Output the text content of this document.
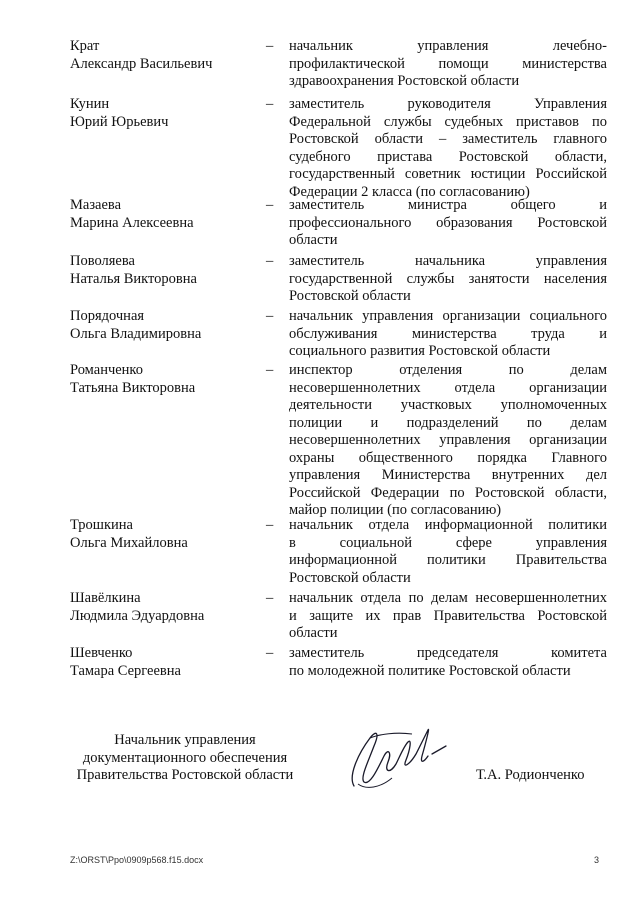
Крат
Александр Васильевич
– начальник управления лечебно-
профилактической помощи министерства
здравоохранения Ростовской области
Кунин
Юрий Юрьевич
– заместитель руководителя Управления
Федеральной службы судебных приставов по
Ростовской области – заместитель главного
судебного пристава Ростовской области,
государственный советник юстиции Российской
Федерации 2 класса (по согласованию)
Мазаева
Марина Алексеевна
– заместитель министра общего и
профессионального образования Ростовской
области
Поволяева
Наталья Викторовна
– заместитель начальника управления
государственной службы занятости населения
Ростовской области
Порядочная
Ольга Владимировна
– начальник управления организации социального
обслуживания министерства труда и
социального развития Ростовской области
Романченко
Татьяна Викторовна
– инспектор отделения по делам
несовершеннолетних отдела организации
деятельности участковых уполномоченных
полиции и подразделений по делам
несовершеннолетних управления организации
охраны общественного порядка Главного
управления Министерства внутренних дел
Российской Федерации по Ростовской области,
майор полиции (по согласованию)
Трошкина
Ольга Михайловна
– начальник отдела информационной политики
в социальной сфере управления
информационной политики Правительства
Ростовской области
Шавёлкина
Людмила Эдуардовна
– начальник отдела по делам несовершеннолетних
и защите их прав Правительства Ростовской
области
Шевченко
Тамара Сергеевна
– заместитель председателя комитета
по молодежной политике Ростовской области
Начальник управления
документационного обеспечения
Правительства Ростовской области	Т.А. Родионченко
Z:\ORST\Ppo\0909p568.f15.docx	3
